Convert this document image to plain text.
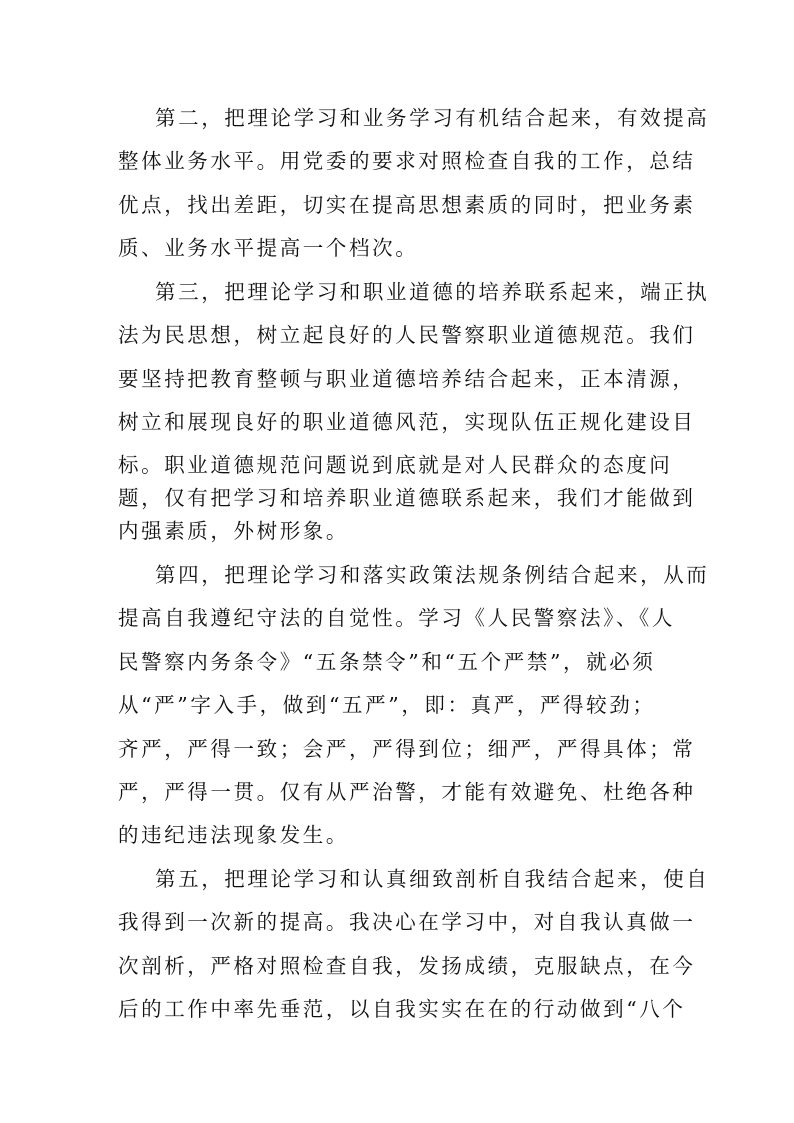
第二，把理论学习和业务学习有机结合起来，有效提高
整体业务水平。用党委的要求对照检查自我的工作，总结
优点，找出差距，切实在提高思想素质的同时，把业务素
质、业务水平提高一个档次。
第三，把理论学习和职业道德的培养联系起来，端正执
法为民思想，树立起良好的人民警察职业道德规范。我们
要坚持把教育整顿与职业道德培养结合起来，正本清源，
树立和展现良好的职业道德风范，实现队伍正规化建设目
标。职业道德规范问题说到底就是对人民群众的态度问
题，仅有把学习和培养职业道德联系起来，我们才能做到
内强素质，外树形象。
第四，把理论学习和落实政策法规条例结合起来，从而
提高自我遵纪守法的自觉性。学习《人民警察法》、《人
民警察内务条令》“五条禁令”和“五个严禁”，就必须
从“严”字入手，做到“五严”，即：真严，严得较劲；
齐严，严得一致；会严，严得到位；细严，严得具体；常
严，严得一贯。仅有从严治警，才能有效避免、杜绝各种
的违纪违法现象发生。
第五，把理论学习和认真细致剖析自我结合起来，使自
我得到一次新的提高。我决心在学习中，对自我认真做一
次剖析，严格对照检查自我，发扬成绩，克服缺点，在今
后的工作中率先垂范，以自我实实在在的行动做到“八个
